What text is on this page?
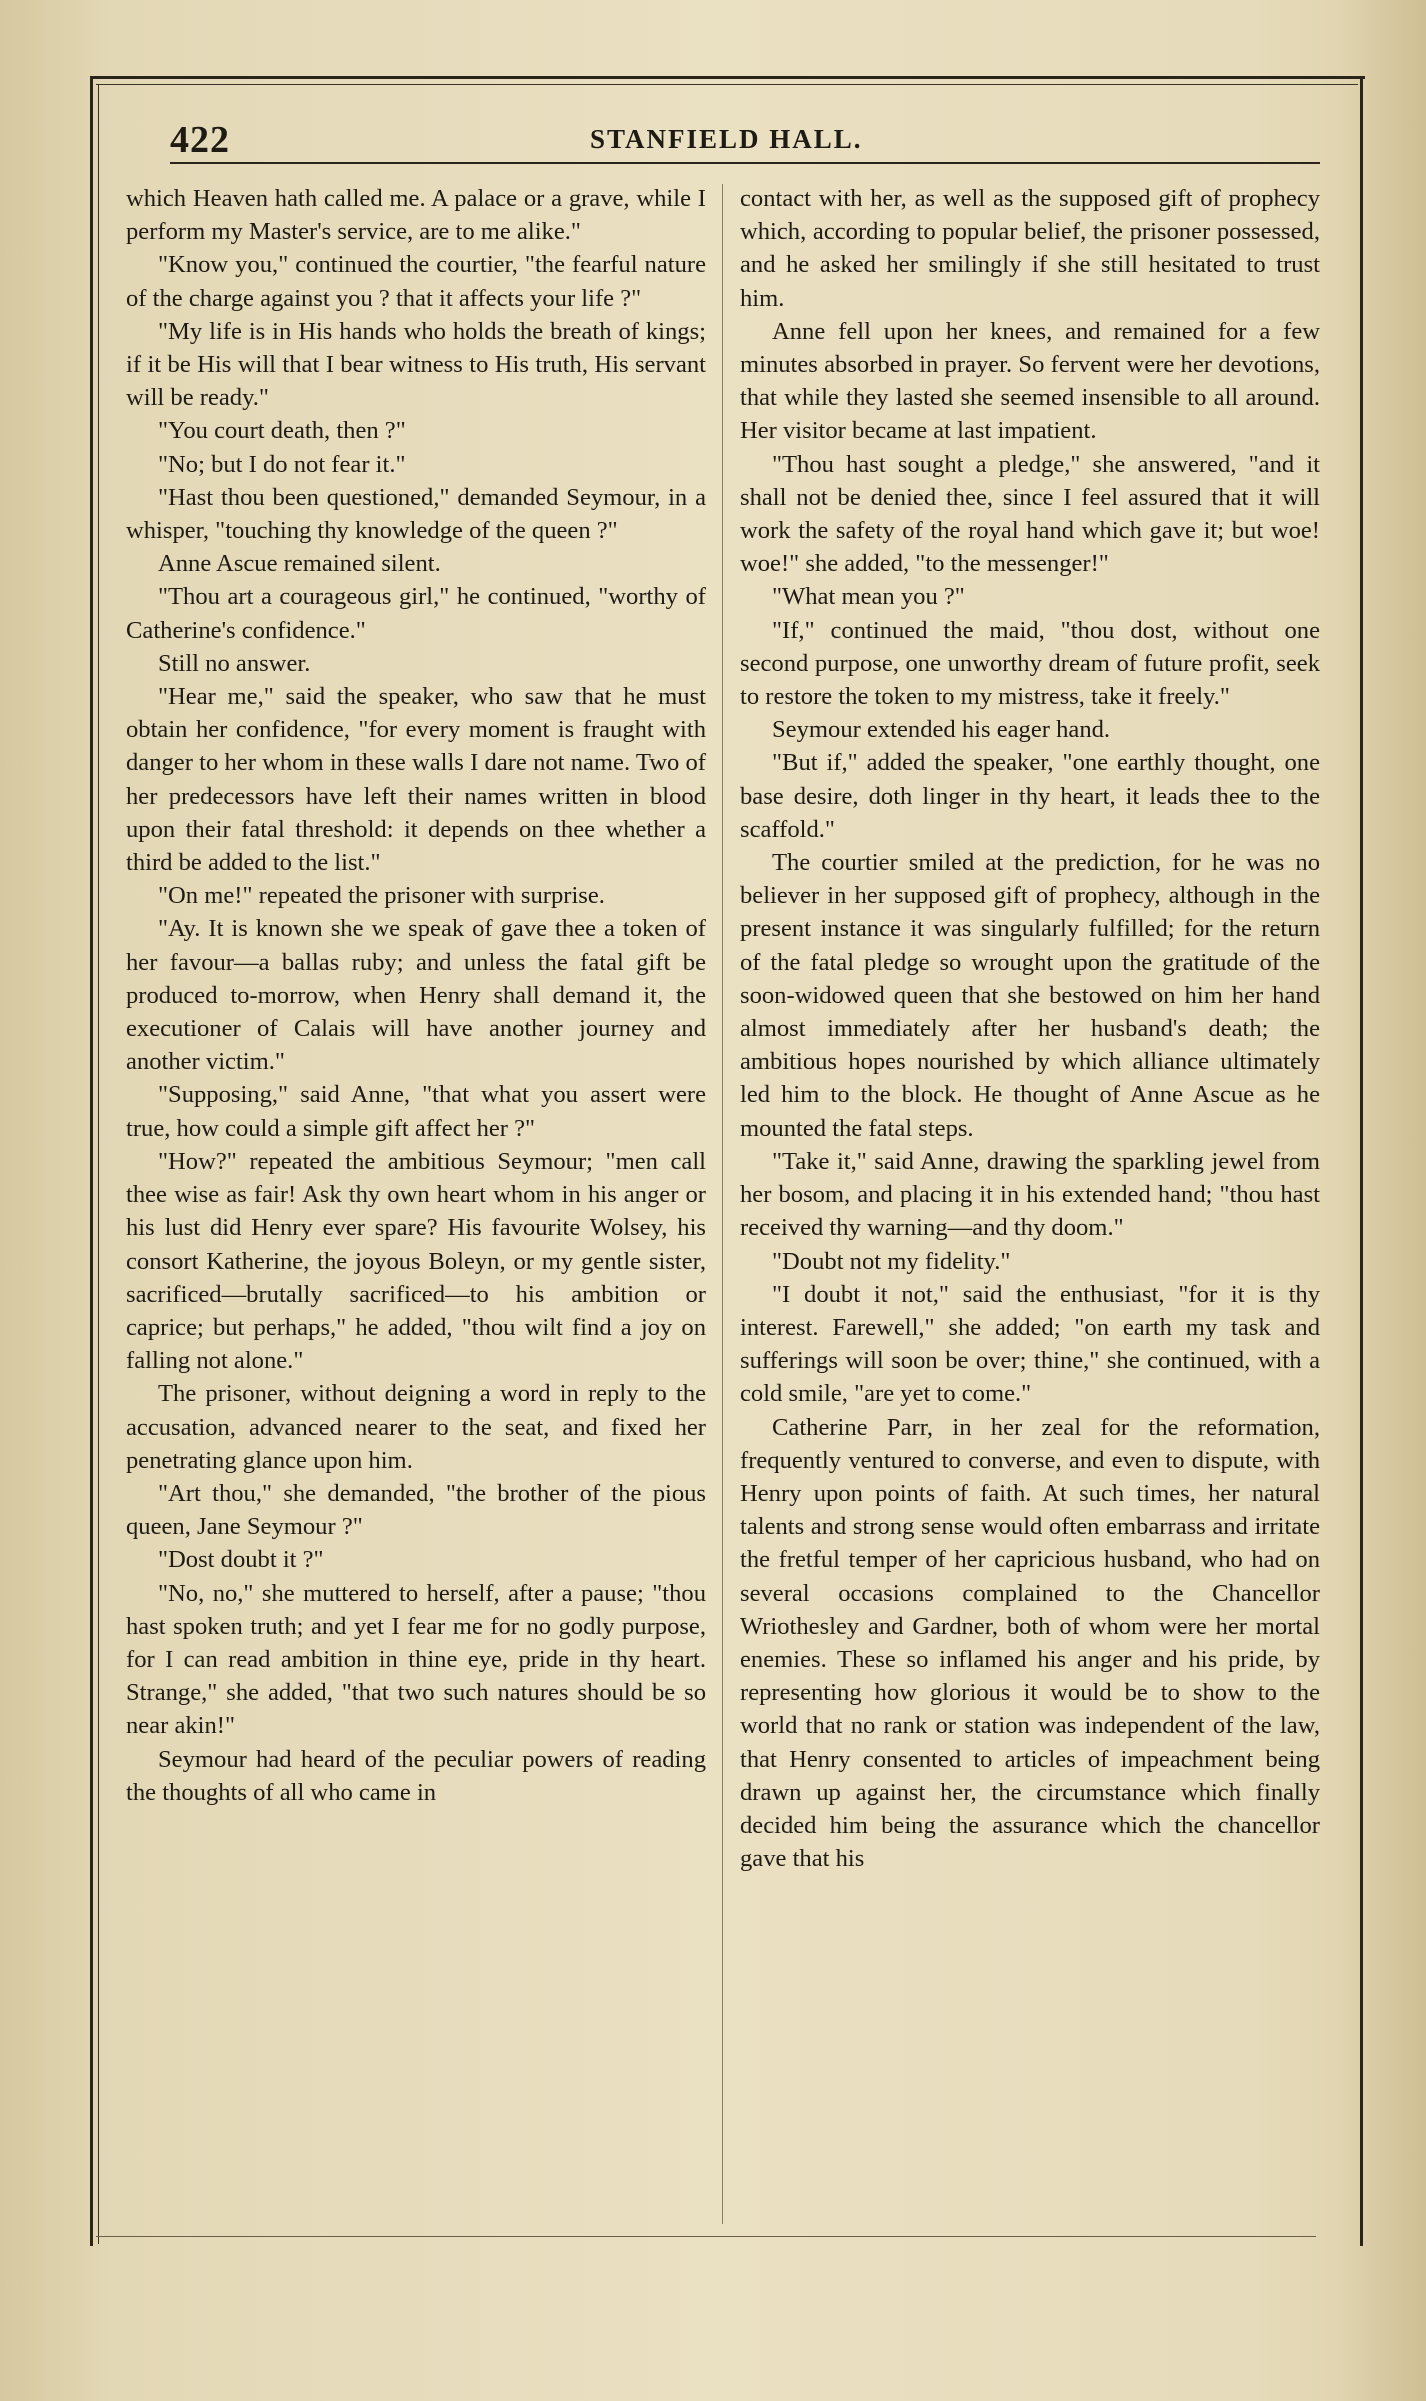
422	STANFIELD HALL.

which Heaven hath called me. A palace or a grave, while I perform my Master's service, are to me alike."

"Know you," continued the courtier, "the fearful nature of the charge against you ? that it affects your life ?"

"My life is in His hands who holds the breath of kings; if it be His will that I bear witness to His truth, His servant will be ready."

"You court death, then ?"

"No; but I do not fear it."

"Hast thou been questioned," demanded Seymour, in a whisper, "touching thy knowledge of the queen ?"

Anne Ascue remained silent.

"Thou art a courageous girl," he continued, "worthy of Catherine's confidence."

Still no answer.

"Hear me," said the speaker, who saw that he must obtain her confidence, "for every moment is fraught with danger to her whom in these walls I dare not name. Two of her predecessors have left their names written in blood upon their fatal threshold: it depends on thee whether a third be added to the list."

"On me!" repeated the prisoner with surprise.

"Ay. It is known she we speak of gave thee a token of her favour—a ballas ruby; and unless the fatal gift be produced to-morrow, when Henry shall demand it, the executioner of Calais will have another journey and another victim."

"Supposing," said Anne, "that what you assert were true, how could a simple gift affect her ?"

"How?" repeated the ambitious Seymour; "men call thee wise as fair! Ask thy own heart whom in his anger or his lust did Henry ever spare? His favourite Wolsey, his consort Katherine, the joyous Boleyn, or my gentle sister, sacrificed—brutally sacrificed—to his ambition or caprice; but perhaps," he added, "thou wilt find a joy on falling not alone."

The prisoner, without deigning a word in reply to the accusation, advanced nearer to the seat, and fixed her penetrating glance upon him.

"Art thou," she demanded, "the brother of the pious queen, Jane Seymour ?"

"Dost doubt it ?"

"No, no," she muttered to herself, after a pause; "thou hast spoken truth; and yet I fear me for no godly purpose, for I can read ambition in thine eye, pride in thy heart. Strange," she added, "that two such natures should be so near akin!"

Seymour had heard of the peculiar powers of reading the thoughts of all who came in

contact with her, as well as the supposed gift of prophecy which, according to popular belief, the prisoner possessed, and he asked her smilingly if she still hesitated to trust him.

Anne fell upon her knees, and remained for a few minutes absorbed in prayer. So fervent were her devotions, that while they lasted she seemed insensible to all around. Her visitor became at last impatient.

"Thou hast sought a pledge," she answered, "and it shall not be denied thee, since I feel assured that it will work the safety of the royal hand which gave it; but woe! woe!" she added, "to the messenger!"

"What mean you ?"

"If," continued the maid, "thou dost, without one second purpose, one unworthy dream of future profit, seek to restore the token to my mistress, take it freely."

Seymour extended his eager hand.

"But if," added the speaker, "one earthly thought, one base desire, doth linger in thy heart, it leads thee to the scaffold."

The courtier smiled at the prediction, for he was no believer in her supposed gift of prophecy, although in the present instance it was singularly fulfilled; for the return of the fatal pledge so wrought upon the gratitude of the soon-widowed queen that she bestowed on him her hand almost immediately after her husband's death; the ambitious hopes nourished by which alliance ultimately led him to the block. He thought of Anne Ascue as he mounted the fatal steps.

"Take it," said Anne, drawing the sparkling jewel from her bosom, and placing it in his extended hand; "thou hast received thy warning—and thy doom."

"Doubt not my fidelity."

"I doubt it not," said the enthusiast, "for it is thy interest. Farewell," she added; "on earth my task and sufferings will soon be over; thine," she continued, with a cold smile, "are yet to come."

Catherine Parr, in her zeal for the reformation, frequently ventured to converse, and even to dispute, with Henry upon points of faith. At such times, her natural talents and strong sense would often embarrass and irritate the fretful temper of her capricious husband, who had on several occasions complained to the Chancellor Wriothesley and Gardner, both of whom were her mortal enemies. These so inflamed his anger and his pride, by representing how glorious it would be to show to the world that no rank or station was independent of the law, that Henry consented to articles of impeachment being drawn up against her, the circumstance which finally decided him being the assurance which the chancellor gave that his
